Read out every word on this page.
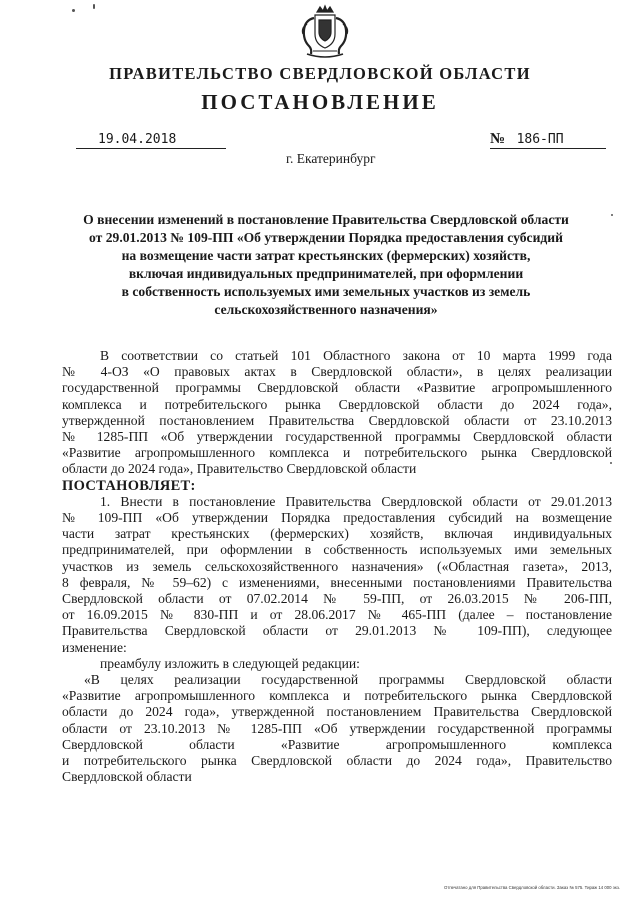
ПРАВИТЕЛЬСТВО СВЕРДЛОВСКОЙ ОБЛАСТИ
ПОСТАНОВЛЕНИЕ
19.04.2018	№ 186-ПП
г. Екатеринбург
О внесении изменений в постановление Правительства Свердловской области
от 29.01.2013 № 109-ПП «Об утверждении Порядка предоставления субсидий
на возмещение части затрат крестьянских (фермерских) хозяйств,
включая индивидуальных предпринимателей, при оформлении
в собственность используемых ими земельных участков из земель
сельскохозяйственного назначения»
В соответствии со статьей 101 Областного закона от 10 марта 1999 года
№ 4-ОЗ «О правовых актах в Свердловской области», в целях реализации
государственной программы Свердловской области «Развитие агропромышленного
комплекса и потребительского рынка Свердловской области до 2024 года»,
утвержденной постановлением Правительства Свердловской области от 23.10.2013
№ 1285-ПП «Об утверждении государственной программы Свердловской области
«Развитие агропромышленного комплекса и потребительского рынка Свердловской
области до 2024 года», Правительство Свердловской области
ПОСТАНОВЛЯЕТ:
1. Внести в постановление Правительства Свердловской области от 29.01.2013
№ 109-ПП «Об утверждении Порядка предоставления субсидий на возмещение
части затрат крестьянских (фермерских) хозяйств, включая индивидуальных
предпринимателей, при оформлении в собственность используемых ими земельных
участков из земель сельскохозяйственного назначения» («Областная газета», 2013,
8 февраля, № 59–62) с изменениями, внесенными постановлениями Правительства
Свердловской области от 07.02.2014 № 59-ПП, от 26.03.2015 № 206-ПП,
от 16.09.2015 № 830-ПП и от 28.06.2017 № 465-ПП (далее – постановление
Правительства Свердловской области от 29.01.2013 № 109-ПП), следующее
изменение:
преамбулу изложить в следующей редакции:
«В целях реализации государственной программы Свердловской области
«Развитие агропромышленного комплекса и потребительского рынка Свердловской
области до 2024 года», утвержденной постановлением Правительства Свердловской
области от 23.10.2013 № 1285-ПП «Об утверждении государственной программы
Свердловской области «Развитие агропромышленного комплекса
и потребительского рынка Свердловской области до 2024 года», Правительство
Свердловской области
Отпечатано для Правительства Свердловской области. Заказ № 575. Тираж 14 000 экз.
